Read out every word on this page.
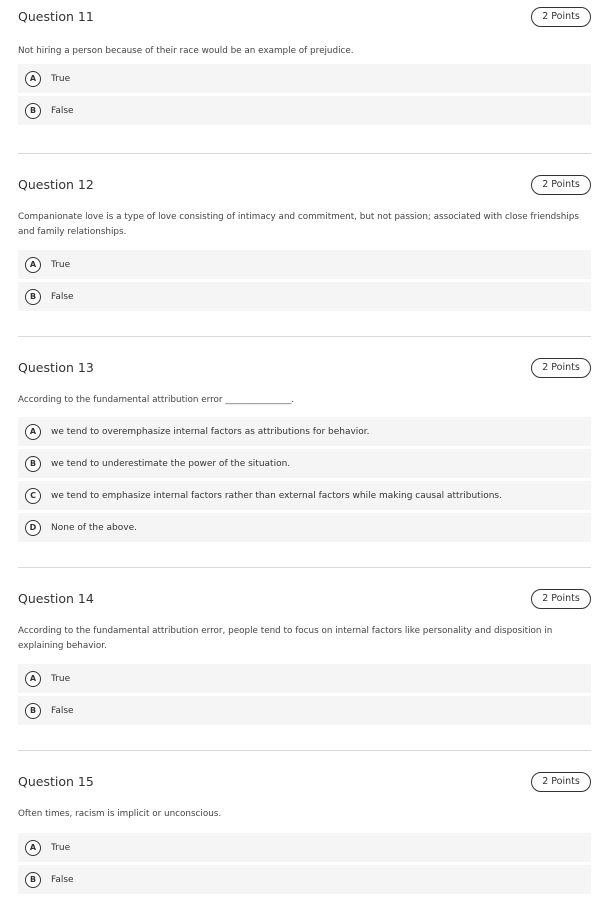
Question 11	2 Points
Not hiring a person because of their race would be an example of prejudice.
A	True
B	False
Question 12	2 Points
Companionate love is a type of love consisting of intimacy and commitment, but not passion; associated with close friendships and family relationships.
A	True
B	False
Question 13	2 Points
According to the fundamental attribution error _______________.
A	we tend to overemphasize internal factors as attributions for behavior.
B	we tend to underestimate the power of the situation.
C	we tend to emphasize internal factors rather than external factors while making causal attributions.
D	None of the above.
Question 14	2 Points
According to the fundamental attribution error, people tend to focus on internal factors like personality and disposition in explaining behavior.
A	True
B	False
Question 15	2 Points
Often times, racism is implicit or unconscious.
A	True
B	False
